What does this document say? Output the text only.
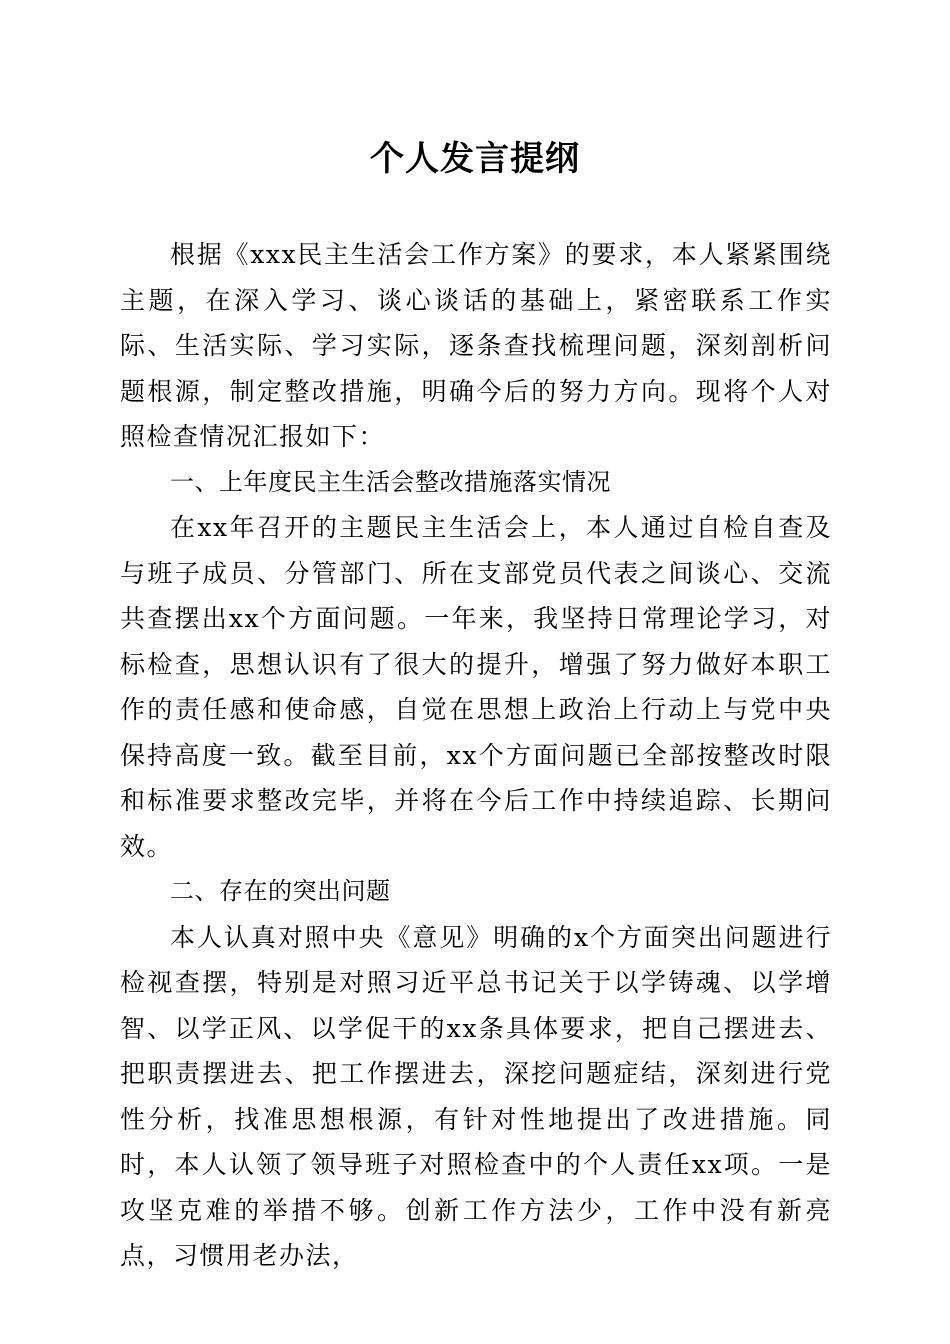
个人发言提纲

根据《xxx民主生活会工作方案》的要求，本人紧紧围绕主题，在深入学习、谈心谈话的基础上，紧密联系工作实际、生活实际、学习实际，逐条查找梳理问题，深刻剖析问题根源，制定整改措施，明确今后的努力方向。现将个人对照检查情况汇报如下：

一、上年度民主生活会整改措施落实情况

在xx年召开的主题民主生活会上，本人通过自检自查及与班子成员、分管部门、所在支部党员代表之间谈心、交流共查摆出xx个方面问题。一年来，我坚持日常理论学习，对标检查，思想认识有了很大的提升，增强了努力做好本职工作的责任感和使命感，自觉在思想上政治上行动上与党中央保持高度一致。截至目前，xx个方面问题已全部按整改时限和标准要求整改完毕，并将在今后工作中持续追踪、长期问效。

二、存在的突出问题

本人认真对照中央《意见》明确的x个方面突出问题进行检视查摆，特别是对照习近平总书记关于以学铸魂、以学增智、以学正风、以学促干的xx条具体要求，把自己摆进去、把职责摆进去、把工作摆进去，深挖问题症结，深刻进行党性分析，找准思想根源，有针对性地提出了改进措施。同时，本人认领了领导班子对照检查中的个人责任xx项。一是攻坚克难的举措不够。创新工作方法少，工作中没有新亮点，习惯用老办法，
